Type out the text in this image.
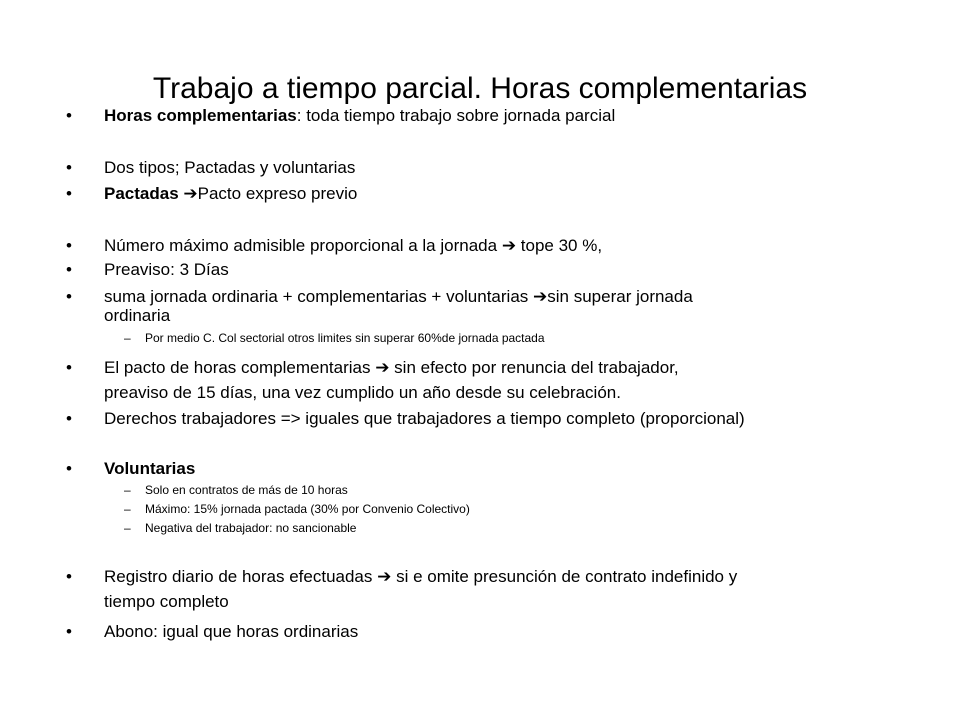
Trabajo a tiempo parcial. Horas complementarias
• Horas complementarias: toda tiempo trabajo sobre jornada parcial
• Dos tipos; Pactadas y voluntarias
• Pactadas ➔Pacto expreso previo
• Número máximo admisible proporcional a la jornada ➔ tope 30 %,
• Preaviso: 3 Días
• suma jornada ordinaria + complementarias + voluntarias ➔sin superar jornada
ordinaria
– Por medio C. Col sectorial otros limites sin superar 60%de jornada pactada
• El pacto de horas complementarias ➔ sin efecto por renuncia del trabajador,
preaviso de 15 días, una vez cumplido un año desde su celebración.
• Derechos trabajadores => iguales que trabajadores a tiempo completo (proporcional)
• Voluntarias
– Solo en contratos de más de 10 horas
– Máximo: 15% jornada pactada (30% por Convenio Colectivo)
– Negativa del trabajador: no sancionable
• Registro diario de horas efectuadas ➔ si e omite presunción de contrato indefinido y
tiempo completo
• Abono: igual que horas ordinarias
